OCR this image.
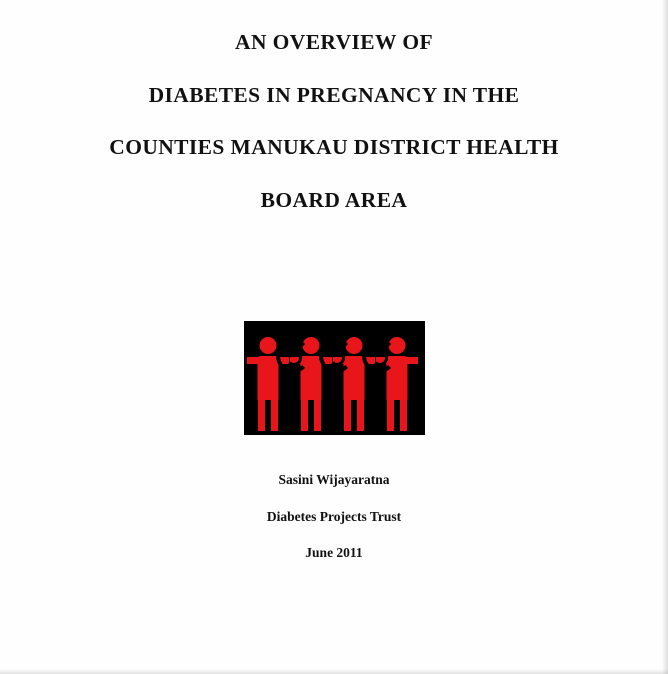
AN OVERVIEW OF
DIABETES IN PREGNANCY IN THE
COUNTIES MANUKAU DISTRICT HEALTH
BOARD AREA
Sasini Wijayaratna
Diabetes Projects Trust
June 2011
